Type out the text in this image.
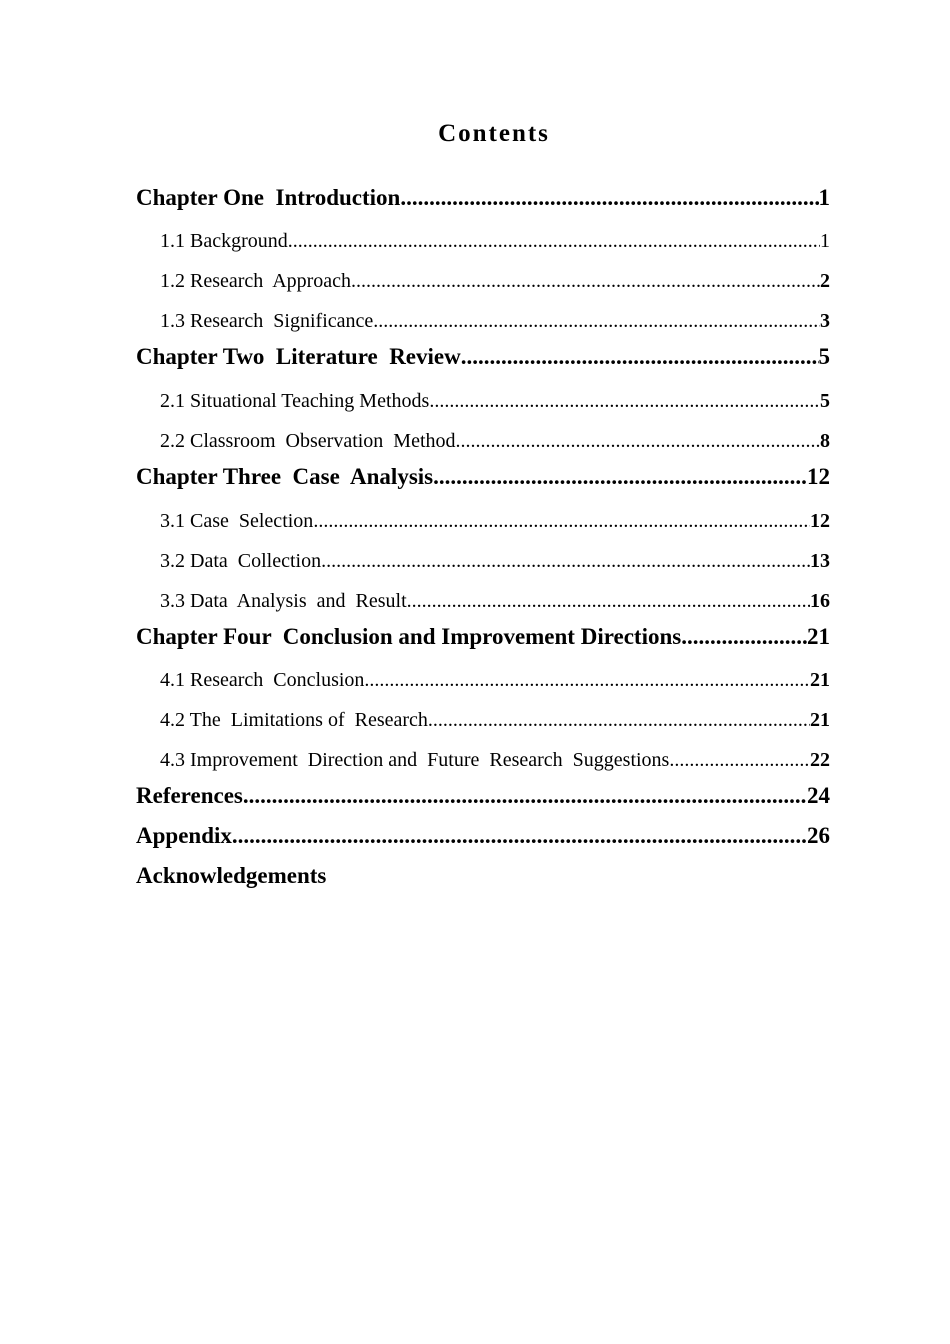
Contents
Chapter One  Introduction .....	1
1.1 Background .....	1
1.2 Research  Approach .....	2
1.3 Research  Significance .....	3
Chapter Two  Literature  Review .....	5
2.1 Situational Teaching Methods .....	5
2.2 Classroom  Observation  Method .....	8
Chapter Three  Case  Analysis .....	12
3.1 Case  Selection .....	12
3.2 Data  Collection .....	13
3.3 Data  Analysis  and  Result .....	16
Chapter Four  Conclusion and Improvement Directions .....	21
4.1 Research  Conclusion .....	21
4.2 The  Limitations of  Research .....	21
4.3 Improvement  Direction and  Future  Research  Suggestions .....	22
References .....	24
Appendix .....	26
Acknowledgements
